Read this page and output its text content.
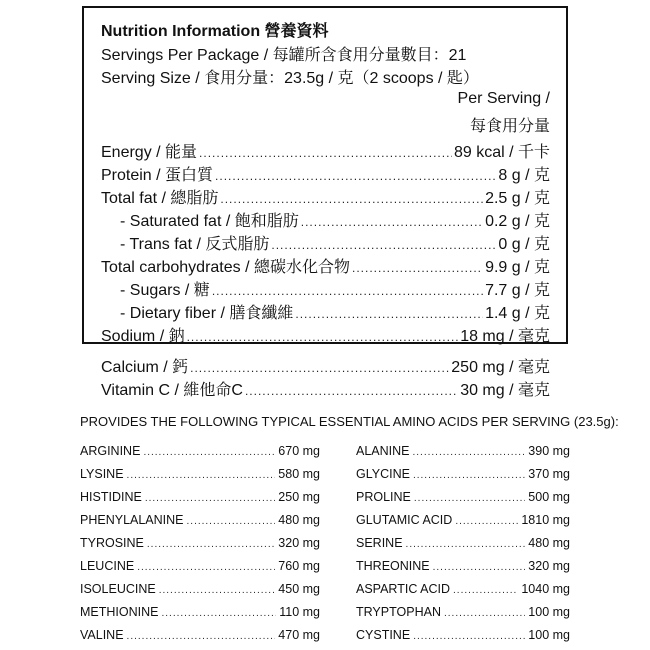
Nutrition Information 營養資料
Servings Per Package / 每罐所含食用分量數目：21
Serving Size / 食用分量：23.5g / 克（2 scoops / 匙）
Per Serving /
每食用分量
Energy / 能量 .....	89 kcal / 千卡
Protein / 蛋白質 .....	8 g / 克
Total fat / 總脂肪 .....	2.5 g / 克
- Saturated fat / 飽和脂肪 .....	0.2 g / 克
- Trans fat / 反式脂肪 .....	0 g / 克
Total carbohydrates / 總碳水化合物 .....	9.9 g / 克
- Sugars / 糖 .....	7.7 g / 克
- Dietary fiber / 膳食纖維 .....	1.4 g / 克
Sodium / 鈉 .....	18 mg / 毫克
Calcium / 鈣 .....	250 mg / 毫克
Vitamin C / 維他命C .....	30 mg / 毫克
PROVIDES THE FOLLOWING TYPICAL ESSENTIAL AMINO ACIDS PER SERVING (23.5g):
ARGININE .....	670 mg
LYSINE .....	580 mg
HISTIDINE .....	250 mg
PHENYLALANINE .....	480 mg
TYROSINE .....	320 mg
LEUCINE .....	760 mg
ISOLEUCINE .....	450 mg
METHIONINE .....	110 mg
VALINE .....	470 mg
ALANINE .....	390 mg
GLYCINE .....	370 mg
PROLINE .....	500 mg
GLUTAMIC ACID .....	1810 mg
SERINE .....	480 mg
THREONINE .....	320 mg
ASPARTIC ACID .....	1040 mg
TRYPTOPHAN .....	100 mg
CYSTINE .....	100 mg
